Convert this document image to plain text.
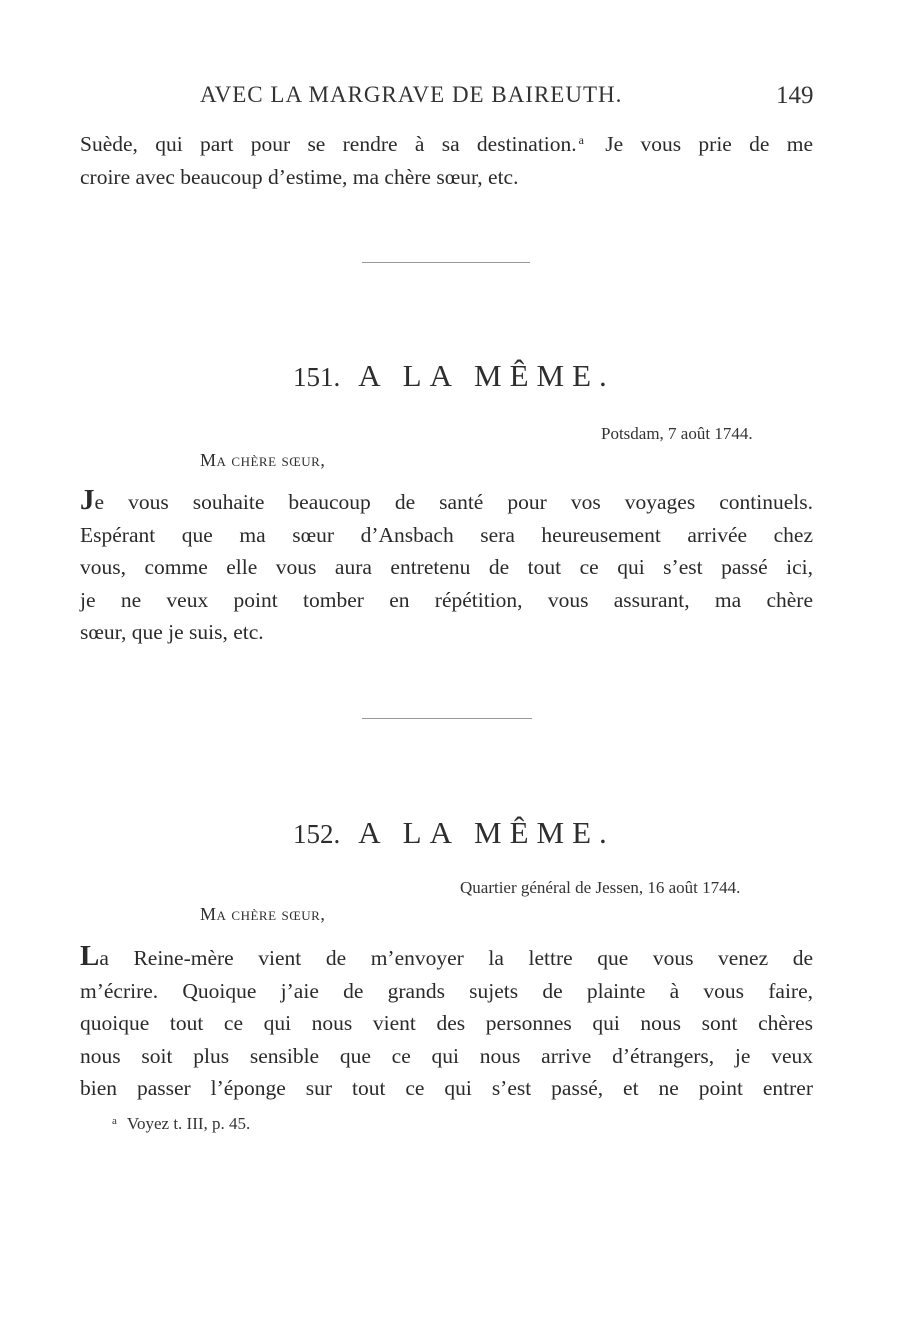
AVEC LA MARGRAVE DE BAIREUTH.	149
Suède, qui part pour se rendre à sa destination. $^a$ Je vous prie de me
croire avec beaucoup d’estime, ma chère sœur, etc.
151. A LA MÊME.
Potsdam, 7 août 1744.
Ma chère sœur,
Je vous souhaite beaucoup de santé pour vos voyages continuels.
Espérant que ma sœur d’Ansbach sera heureusement arrivée chez
vous, comme elle vous aura entretenu de tout ce qui s’est passé ici,
je ne veux point tomber en répétition, vous assurant, ma chère
sœur, que je suis, etc.
152. A LA MÊME.
Quartier général de Jessen, 16 août 1744.
Ma chère sœur,
La Reine-mère vient de m’envoyer la lettre que vous venez de
m’écrire. Quoique j’aie de grands sujets de plainte à vous faire,
quoique tout ce qui nous vient des personnes qui nous sont chères
nous soit plus sensible que ce qui nous arrive d’étrangers, je veux
bien passer l’éponge sur tout ce qui s’est passé, et ne point entrer
$^a$ Voyez t. III, p. 45.
